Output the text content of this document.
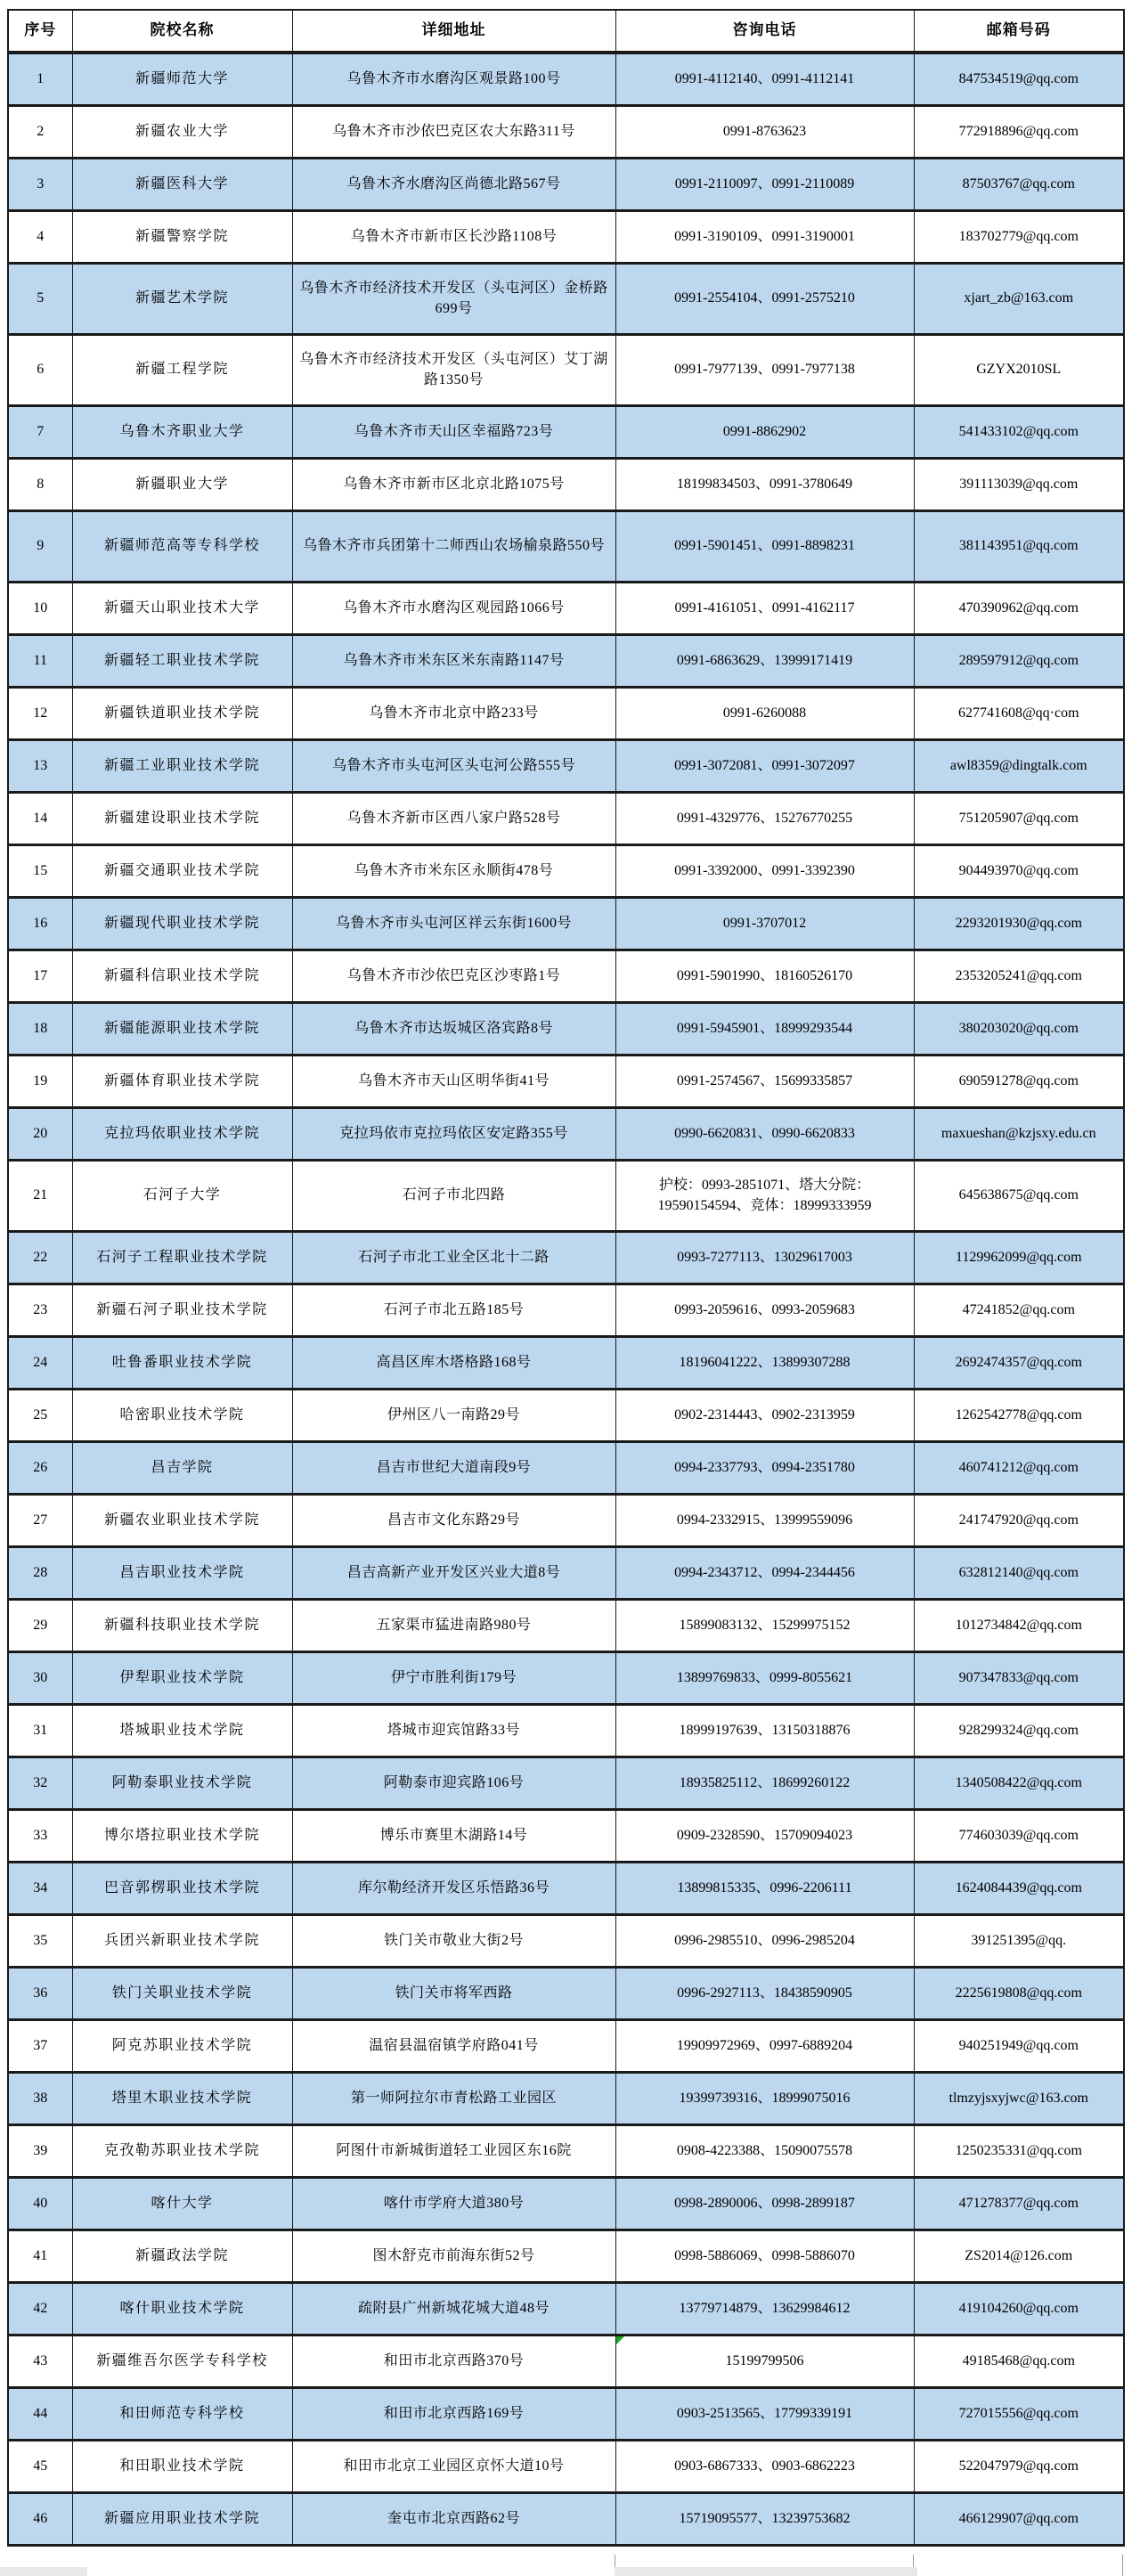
序号	院校名称	详细地址	咨询电话	邮箱号码
1	新疆师范大学	乌鲁木齐市水磨沟区观景路100号	0991-4112140、0991-4112141	847534519@qq.com
2	新疆农业大学	乌鲁木齐市沙依巴克区农大东路311号	0991-8763623	772918896@qq.com
3	新疆医科大学	乌鲁木齐水磨沟区尚德北路567号	0991-2110097、0991-2110089	87503767@qq.com
4	新疆警察学院	乌鲁木齐市新市区长沙路1108号	0991-3190109、0991-3190001	183702779@qq.com
5	新疆艺术学院	乌鲁木齐市经济技术开发区（头屯河区）金桥路699号	0991-2554104、0991-2575210	xjart_zb@163.com
6	新疆工程学院	乌鲁木齐市经济技术开发区（头屯河区）艾丁湖路1350号	0991-7977139、0991-7977138	GZYX2010SL
7	乌鲁木齐职业大学	乌鲁木齐市天山区幸福路723号	0991-8862902	541433102@qq.com
8	新疆职业大学	乌鲁木齐市新市区北京北路1075号	18199834503、0991-3780649	391113039@qq.com
9	新疆师范高等专科学校	乌鲁木齐市兵团第十二师西山农场榆泉路550号	0991-5901451、0991-8898231	381143951@qq.com
10	新疆天山职业技术大学	乌鲁木齐市水磨沟区观园路1066号	0991-4161051、0991-4162117	470390962@qq.com
11	新疆轻工职业技术学院	乌鲁木齐市米东区米东南路1147号	0991-6863629、13999171419	289597912@qq.com
12	新疆铁道职业技术学院	乌鲁木齐市北京中路233号	0991-6260088	627741608@qq·com
13	新疆工业职业技术学院	乌鲁木齐市头屯河区头屯河公路555号	0991-3072081、0991-3072097	awl8359@dingtalk.com
14	新疆建设职业技术学院	乌鲁木齐新市区西八家户路528号	0991-4329776、15276770255	751205907@qq.com
15	新疆交通职业技术学院	乌鲁木齐市米东区永顺街478号	0991-3392000、0991-3392390	904493970@qq.com
16	新疆现代职业技术学院	乌鲁木齐市头屯河区祥云东街1600号	0991-3707012	2293201930@qq.com
17	新疆科信职业技术学院	乌鲁木齐市沙依巴克区沙枣路1号	0991-5901990、18160526170	2353205241@qq.com
18	新疆能源职业技术学院	乌鲁木齐市达坂城区洛宾路8号	0991-5945901、18999293544	380203020@qq.com
19	新疆体育职业技术学院	乌鲁木齐市天山区明华街41号	0991-2574567、15699335857	690591278@qq.com
20	克拉玛依职业技术学院	克拉玛依市克拉玛依区安定路355号	0990-6620831、0990-6620833	maxueshan@kzjsxy.edu.cn
21	石河子大学	石河子市北四路	护校：0993-2851071、塔大分院：19590154594、竞体：18999333959	645638675@qq.com
22	石河子工程职业技术学院	石河子市北工业全区北十二路	0993-7277113、13029617003	1129962099@qq.com
23	新疆石河子职业技术学院	石河子市北五路185号	0993-2059616、0993-2059683	47241852@qq.com
24	吐鲁番职业技术学院	高昌区库木塔格路168号	18196041222、13899307288	2692474357@qq.com
25	哈密职业技术学院	伊州区八一南路29号	0902-2314443、0902-2313959	1262542778@qq.com
26	昌吉学院	昌吉市世纪大道南段9号	0994-2337793、0994-2351780	460741212@qq.com
27	新疆农业职业技术学院	昌吉市文化东路29号	0994-2332915、13999559096	241747920@qq.com
28	昌吉职业技术学院	昌吉高新产业开发区兴业大道8号	0994-2343712、0994-2344456	632812140@qq.com
29	新疆科技职业技术学院	五家渠市猛进南路980号	15899083132、15299975152	1012734842@qq.com
30	伊犁职业技术学院	伊宁市胜利街179号	13899769833、0999-8055621	907347833@qq.com
31	塔城职业技术学院	塔城市迎宾馆路33号	18999197639、13150318876	928299324@qq.com
32	阿勒泰职业技术学院	阿勒泰市迎宾路106号	18935825112、18699260122	1340508422@qq.com
33	博尔塔拉职业技术学院	博乐市赛里木湖路14号	0909-2328590、15709094023	774603039@qq.com
34	巴音郭楞职业技术学院	库尔勒经济开发区乐悟路36号	13899815335、0996-2206111	1624084439@qq.com
35	兵团兴新职业技术学院	铁门关市敬业大街2号	0996-2985510、0996-2985204	391251395@qq.
36	铁门关职业技术学院	铁门关市将军西路	0996-2927113、18438590905	2225619808@qq.com
37	阿克苏职业技术学院	温宿县温宿镇学府路041号	19909972969、0997-6889204	940251949@qq.com
38	塔里木职业技术学院	第一师阿拉尔市青松路工业园区	19399739316、18999075016	tlmzyjsxyjwc@163.com
39	克孜勒苏职业技术学院	阿图什市新城街道轻工业园区东16院	0908-4223388、15090075578	1250235331@qq.com
40	喀什大学	喀什市学府大道380号	0998-2890006、0998-2899187	471278377@qq.com
41	新疆政法学院	图木舒克市前海东街52号	0998-5886069、0998-5886070	ZS2014@126.com
42	喀什职业技术学院	疏附县广州新城花城大道48号	13779714879、13629984612	419104260@qq.com
43	新疆维吾尔医学专科学校	和田市北京西路370号	15199799506	49185468@qq.com
44	和田师范专科学校	和田市北京西路169号	0903-2513565、17799339191	727015556@qq.com
45	和田职业技术学院	和田市北京工业园区京怀大道10号	0903-6867333、0903-6862223	522047979@qq.com
46	新疆应用职业技术学院	奎屯市北京西路62号	15719095577、13239753682	466129907@qq.com
